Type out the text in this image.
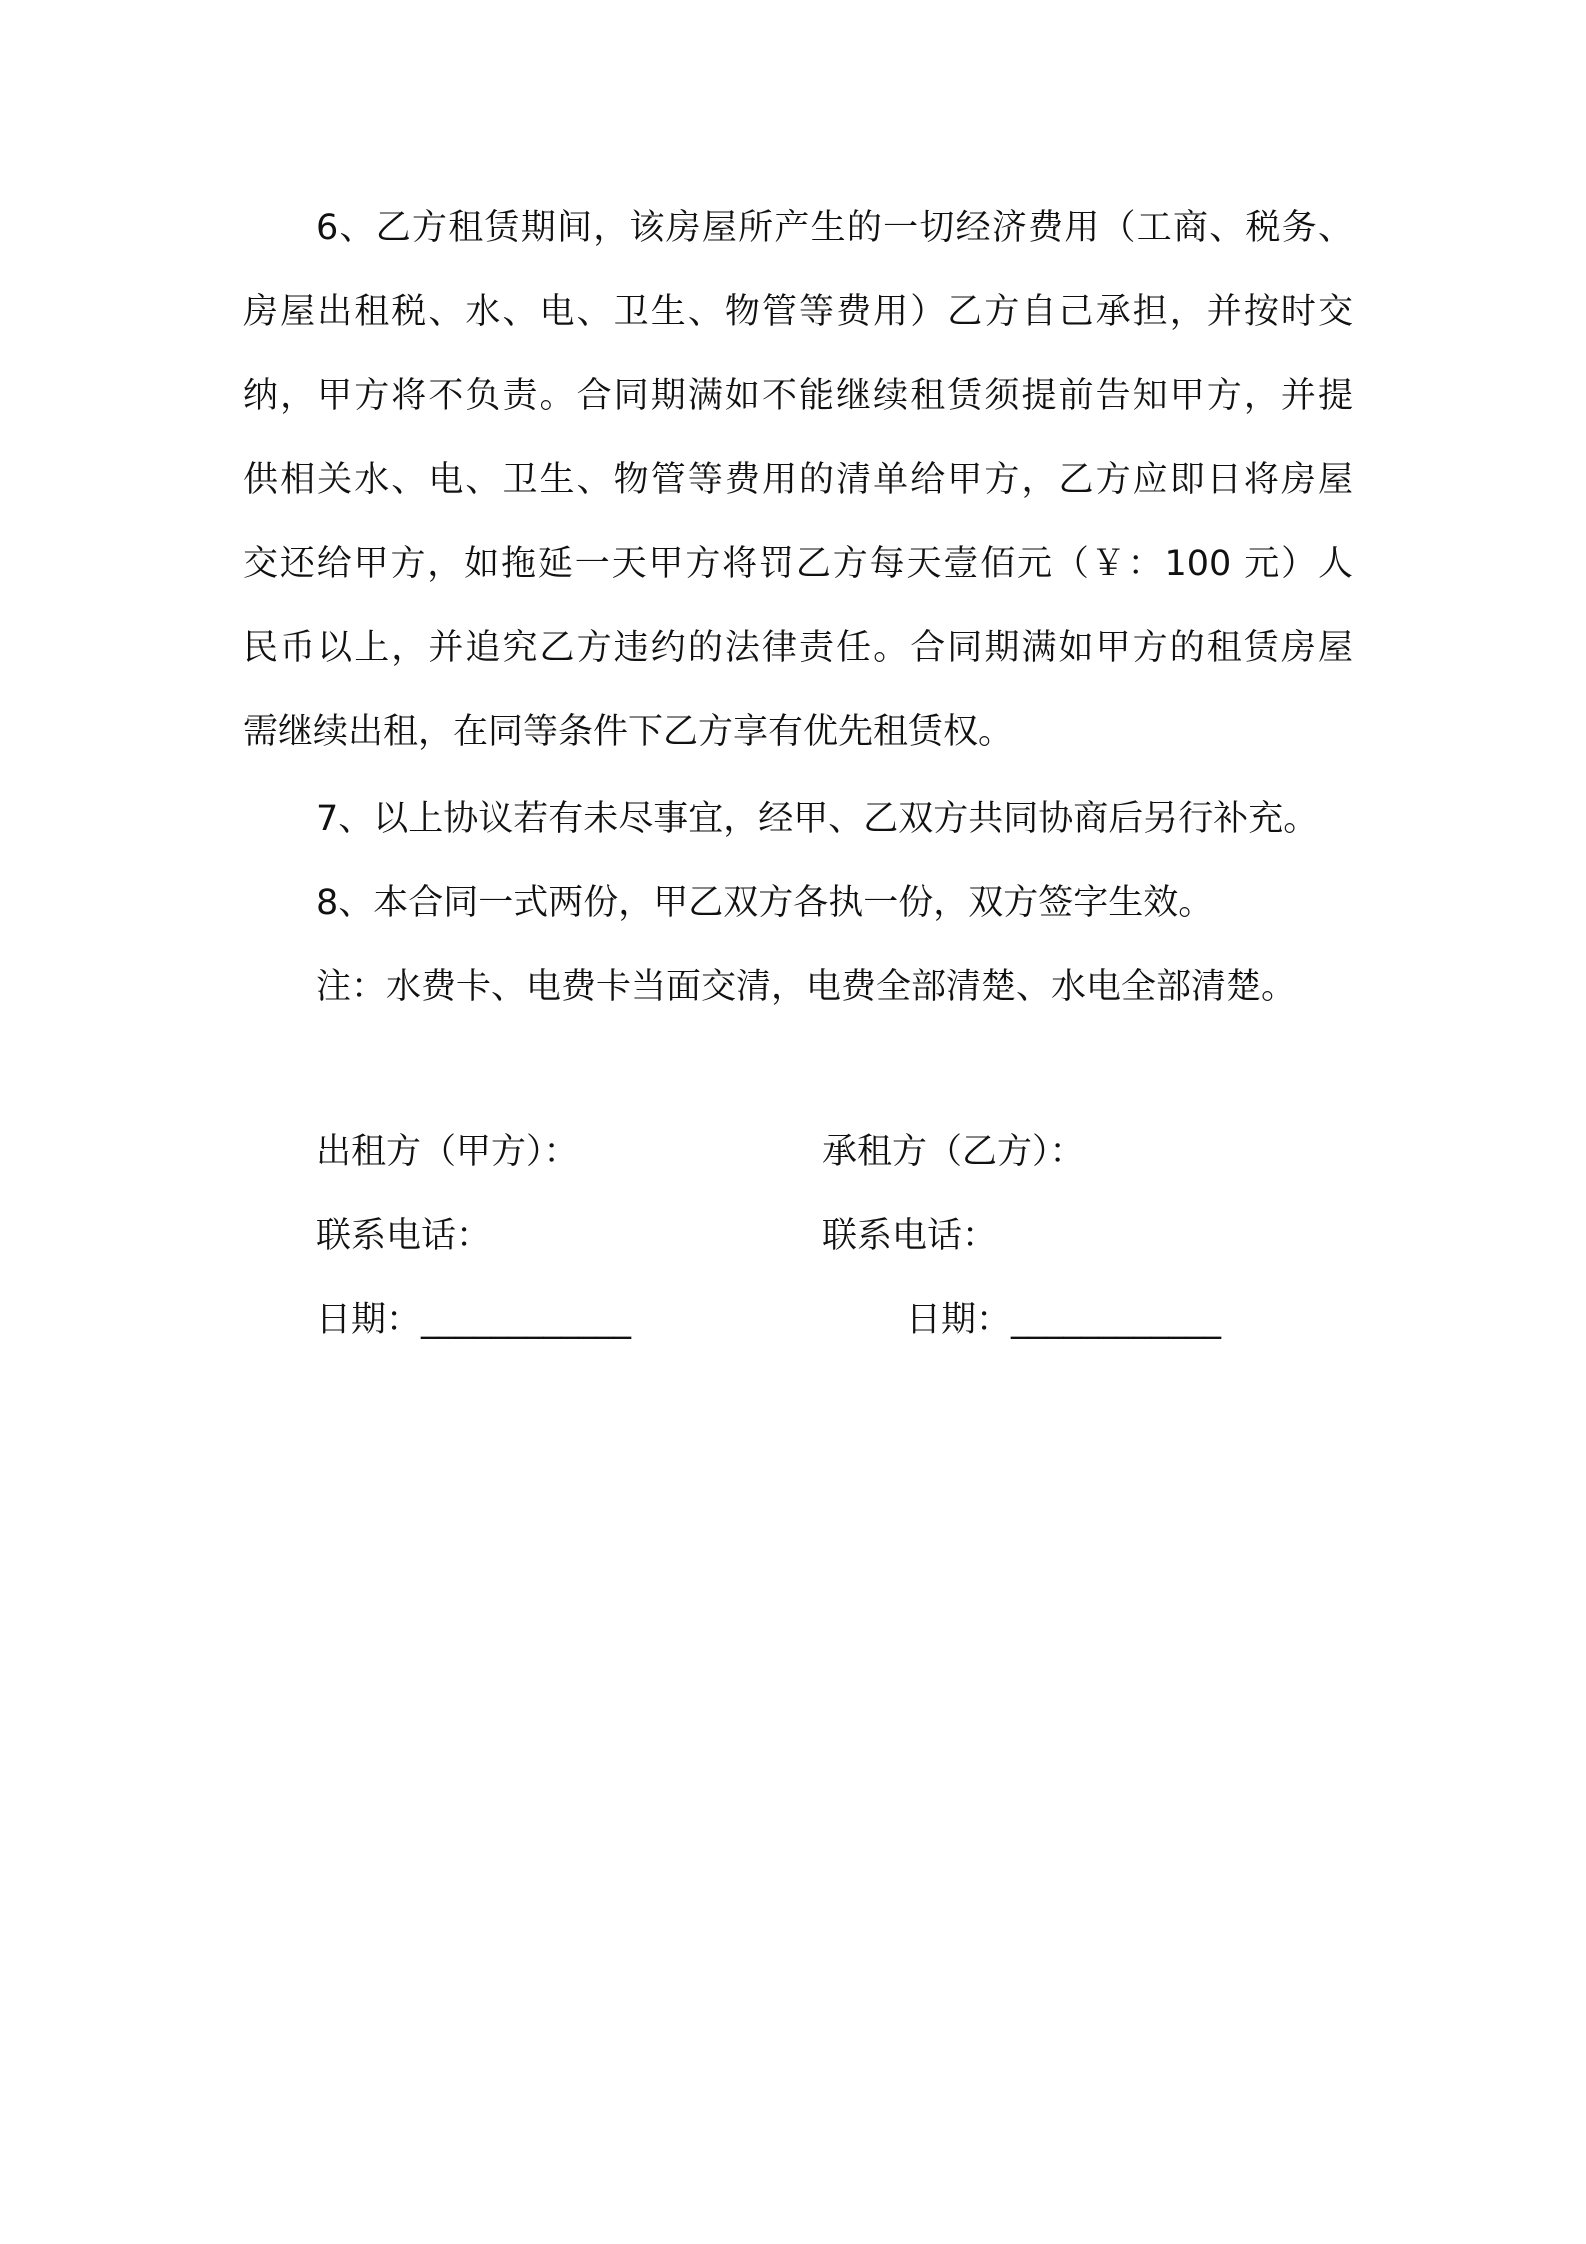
6、乙方租赁期间，该房屋所产生的一切经济费用（工商、税务、
房屋出租税、水、电、卫生、物管等费用）乙方自己承担，并按时交
纳，甲方将不负责。合同期满如不能继续租赁须提前告知甲方，并提
供相关水、电、卫生、物管等费用的清单给甲方，乙方应即日将房屋
交还给甲方，如拖延一天甲方将罚乙方每天壹佰元（￥：100 元）人
民币以上，并追究乙方违约的法律责任。合同期满如甲方的租赁房屋
需继续出租，在同等条件下乙方享有优先租赁权。
7、以上协议若有未尽事宜，经甲、乙双方共同协商后另行补充。
8、本合同一式两份，甲乙双方各执一份，双方签字生效。
注：水费卡、电费卡当面交清，电费全部清楚、水电全部清楚。
出租方（甲方）：	承租方（乙方）：
联系电话：	联系电话：
日期：____________	日期：____________
